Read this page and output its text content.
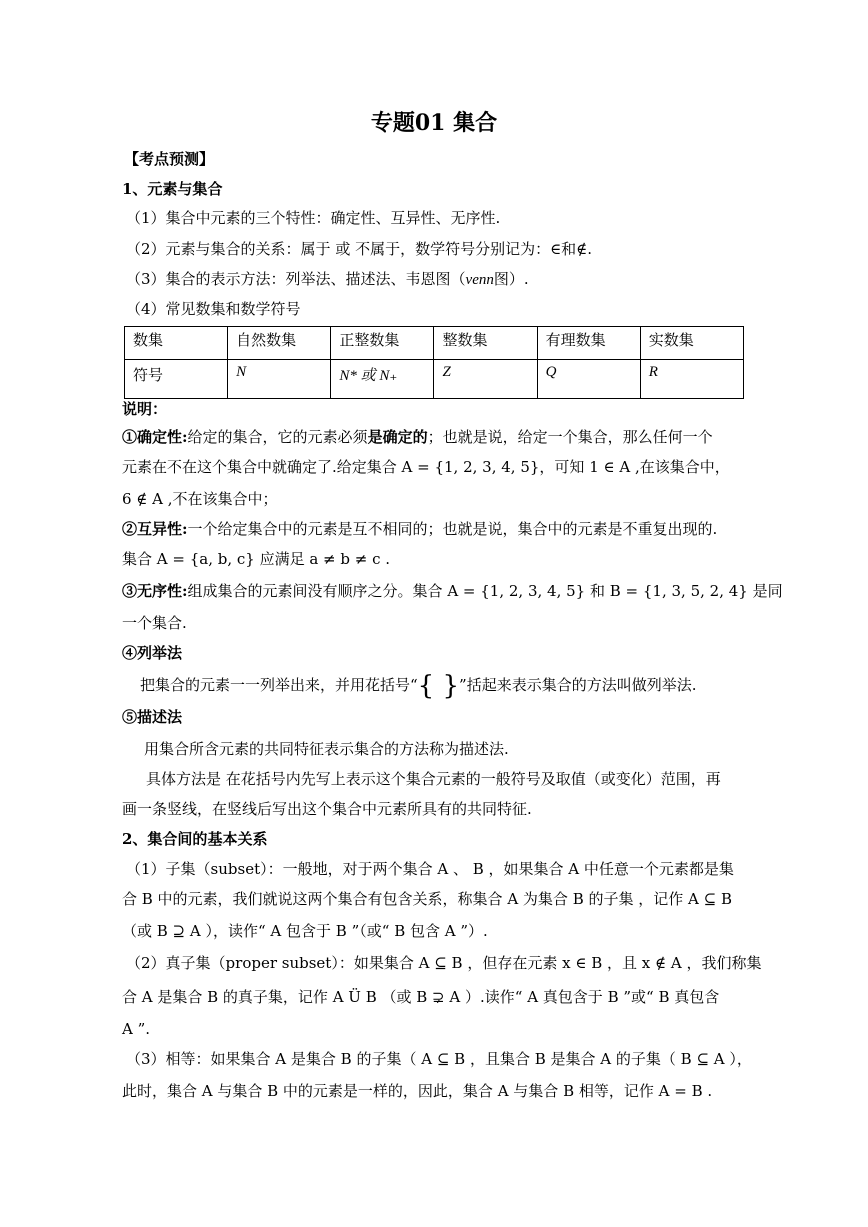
专题01 集合
【考点预测】
1、元素与集合
（1）集合中元素的三个特性：确定性、互异性、无序性.
（2）元素与集合的关系：属于 或 不属于，数学符号分别记为：∈和∉.
（3）集合的表示方法：列举法、描述法、韦恩图（venn图）.
（4）常见数集和数学符号
数集	自然数集	正整数集	整数集	有理数集	实数集
符号	N	N* 或 N₊	Z	Q	R
说明：
①确定性:给定的集合，它的元素必须是确定的；也就是说，给定一个集合，那么任何一个
元素在不在这个集合中就确定了.给定集合 A = {1, 2, 3, 4, 5}，可知 1 ∈ A ,在该集合中，
6 ∉ A ,不在该集合中；
②互异性:一个给定集合中的元素是互不相同的；也就是说，集合中的元素是不重复出现的.
集合 A = {a, b, c} 应满足 a ≠ b ≠ c .
③无序性:组成集合的元素间没有顺序之分。集合 A = {1, 2, 3, 4, 5} 和 B = {1, 3, 5, 2, 4} 是同
一个集合.
④列举法
把集合的元素一一列举出来，并用花括号“{ }”括起来表示集合的方法叫做列举法.
⑤描述法
用集合所含元素的共同特征表示集合的方法称为描述法.
具体方法是 在花括号内先写上表示这个集合元素的一般符号及取值（或变化）范围，再
画一条竖线，在竖线后写出这个集合中元素所具有的共同特征.
2、集合间的基本关系
（1）子集（subset）：一般地，对于两个集合 A 、 B ，如果集合 A 中任意一个元素都是集
合 B 中的元素，我们就说这两个集合有包含关系，称集合 A 为集合 B 的子集 ，记作 A ⊆ B
（或 B ⊇ A ），读作“ A 包含于 B ”（或“ B 包含 A ”）.
（2）真子集（proper subset）：如果集合 A ⊆ B ，但存在元素 x ∈ B ，且 x ∉ A ，我们称集
合 A 是集合 B 的真子集，记作 A Ü B （或 B ⊋ A ）.读作“ A 真包含于 B ”或“ B 真包含
A ”.
（3）相等：如果集合 A 是集合 B 的子集（ A ⊆ B ，且集合 B 是集合 A 的子集（ B ⊆ A ），
此时，集合 A 与集合 B 中的元素是一样的，因此，集合 A 与集合 B 相等，记作 A = B .
